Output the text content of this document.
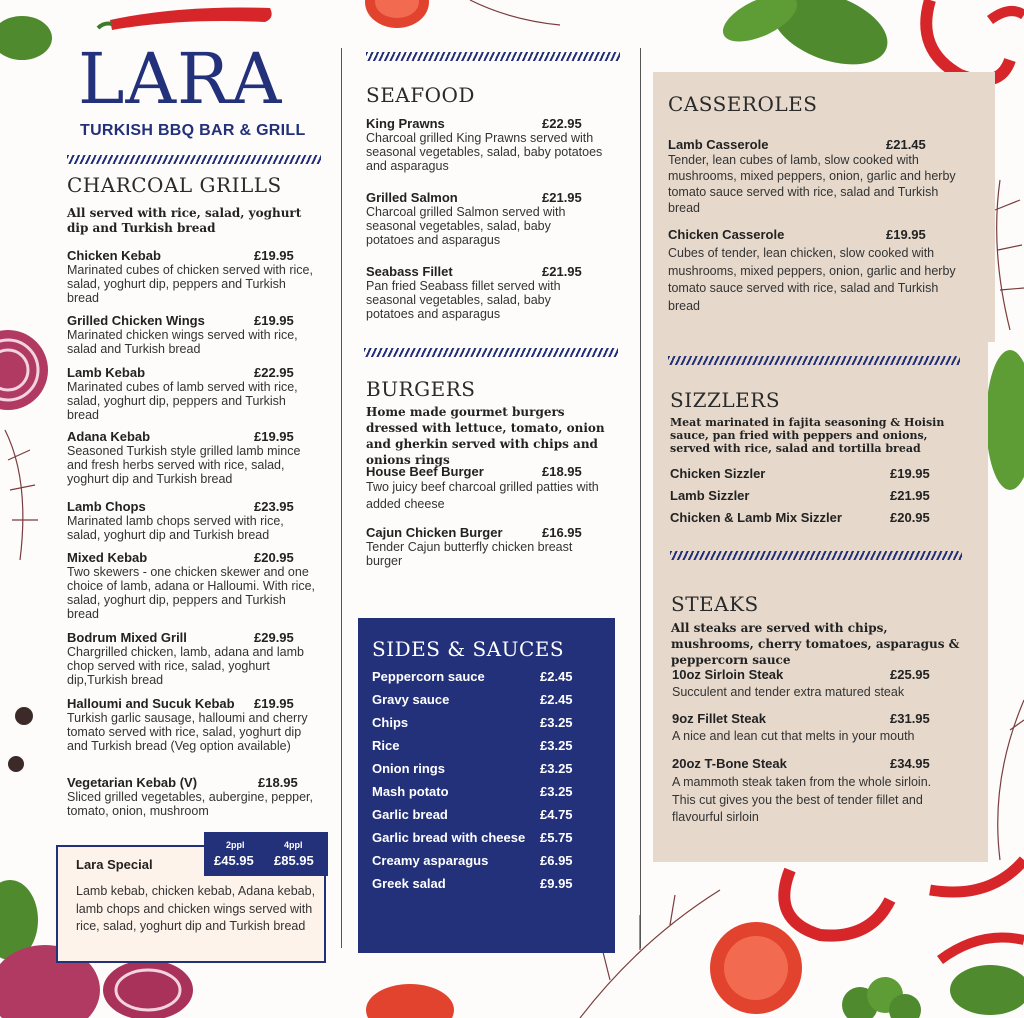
LARA
TURKISH BBQ BAR & GRILL
CHARCOAL GRILLS
All served with rice, salad, yoghurt dip and Turkish bread
Chicken Kebab	£19.95
Marinated cubes of chicken served with rice, salad, yoghurt dip, peppers and Turkish bread
Grilled Chicken Wings	£19.95
Marinated chicken wings served with rice, salad and Turkish bread
Lamb Kebab	£22.95
Marinated cubes of lamb served with rice, salad, yoghurt dip, peppers and Turkish bread
Adana Kebab	£19.95
Seasoned Turkish style grilled lamb mince and fresh herbs served with rice, salad, yoghurt dip and Turkish bread
Lamb Chops	£23.95
Marinated lamb chops served with rice, salad, yoghurt dip and Turkish bread
Mixed Kebab	£20.95
Two skewers - one chicken skewer and one choice of lamb, adana or Halloumi. With rice, salad, yoghurt dip, peppers and Turkish bread
Bodrum Mixed Grill	£29.95
Chargrilled chicken, lamb, adana and lamb chop served with rice, salad, yoghurt dip,Turkish bread
Halloumi and Sucuk Kebab	£19.95
Turkish garlic sausage, halloumi and cherry tomato served with rice, salad, yoghurt dip and Turkish bread (Veg option available)
Vegetarian Kebab (V)	£18.95
Sliced grilled vegetables, aubergine, pepper, tomato, onion, mushroom
Lara Special
Lamb kebab, chicken kebab, Adana kebab, lamb chops and chicken wings served with rice, salad, yoghurt dip and Turkish bread
2ppl	4ppl
£45.95 £85.95
SEAFOOD
King Prawns	£22.95
Charcoal grilled King Prawns served with seasonal vegetables, salad, baby potatoes and asparagus
Grilled Salmon	£21.95
Charcoal grilled Salmon served with seasonal vegetables, salad, baby potatoes and asparagus
Seabass Fillet	£21.95
Pan fried Seabass fillet served with seasonal vegetables, salad, baby potatoes and asparagus
BURGERS
Home made gourmet burgers dressed with lettuce, tomato, onion and gherkin served with chips and onions rings
House Beef Burger	£18.95
Two juicy beef charcoal grilled patties with added cheese
Cajun Chicken Burger	£16.95
Tender Cajun butterfly chicken breast burger
SIDES & SAUCES
Peppercorn sauce	£2.45
Gravy sauce	£2.45
Chips	£3.25
Rice	£3.25
Onion rings	£3.25
Mash potato	£3.25
Garlic bread	£4.75
Garlic bread with cheese £5.75
Creamy asparagus	£6.95
Greek salad	£9.95
CASSEROLES
Lamb Casserole	£21.45
Tender, lean cubes of lamb, slow cooked with mushrooms, mixed peppers, onion, garlic and herby tomato sauce served with rice, salad and Turkish bread
Chicken Casserole	£19.95
Cubes of tender, lean chicken, slow cooked with mushrooms, mixed peppers, onion, garlic and herby tomato sauce served with rice, salad and Turkish bread
SIZZLERS
Meat marinated in fajita seasoning & Hoisin sauce, pan fried with peppers and onions, served with rice, salad and tortilla bread
Chicken Sizzler	£19.95
Lamb Sizzler	£21.95
Chicken & Lamb Mix Sizzler	£20.95
STEAKS
All steaks are served with chips, mushrooms, cherry tomatoes, asparagus & peppercorn sauce
10oz Sirloin Steak	£25.95
Succulent and tender extra matured steak
9oz Fillet Steak	£31.95
A nice and lean cut that melts in your mouth
20oz T-Bone Steak	£34.95
A mammoth steak taken from the whole sirloin. This cut gives you the best of tender fillet and flavourful sirloin
